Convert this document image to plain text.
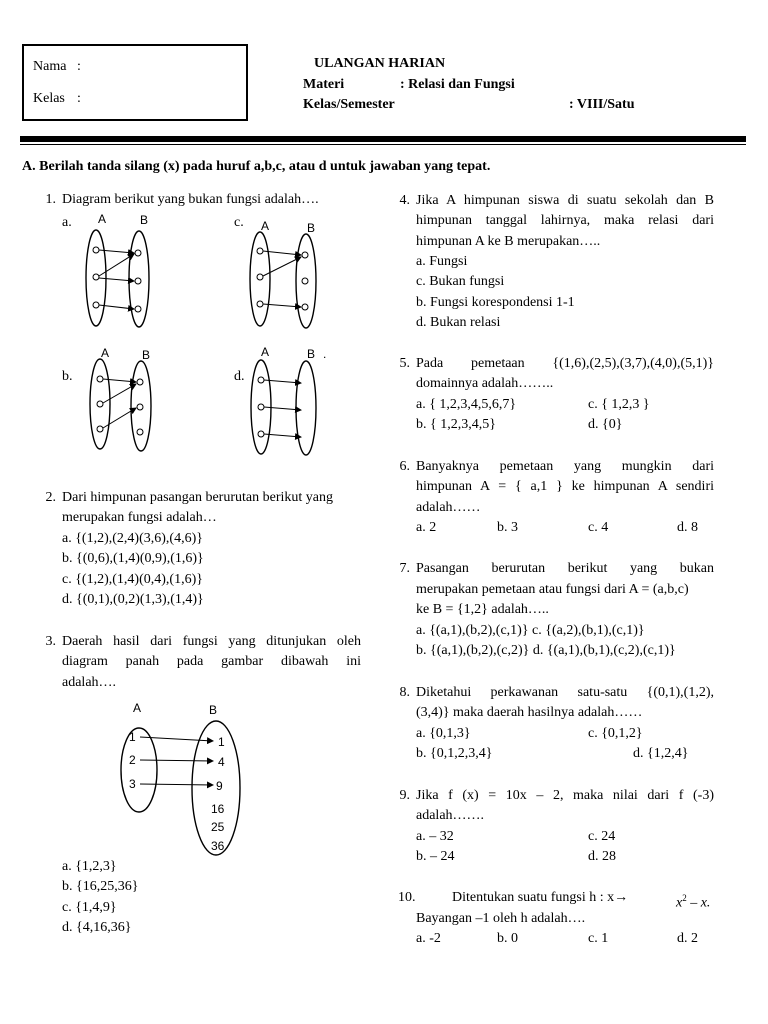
Nama :
Kelas :
ULANGAN HARIAN
Materi	: Relasi dan Fungsi
Kelas/Semester	: VIII/Satu
A. Berilah tanda silang (x) pada huruf a,b,c, atau d untuk jawaban yang tepat.
1. Diagram berikut yang bukan fungsi adalah….
a.	c.
b.	d.
A	B	A	B
A	B	A	B .
A	B
1
2
3
1
4
9
16
25
36
2. Dari himpunan pasangan berurutan berikut yang
merupakan fungsi adalah…
a. {(1,2),(2,4)(3,6),(4,6)}
b. {(0,6),(1,4)(0,9),(1,6)}
c. {(1,2),(1,4)(0,4),(1,6)}
d. {(0,1),(0,2)(1,3),(1,4)}
3. Daerah hasil dari fungsi yang ditunjukan oleh
diagram panah pada gambar dibawah ini
adalah….
a. {1,2,3}
b. {16,25,36}
c. {1,4,9}
d. {4,16,36}
4. Jika A himpunan siswa di suatu sekolah dan B
himpunan tanggal lahirnya, maka relasi dari
himpunan A ke B merupakan…..
a. Fungsi
c. Bukan fungsi
b. Fungsi korespondensi 1-1
d. Bukan relasi
5. Pada pemetaan {(1,6),(2,5),(3,7),(4,0),(5,1)}
domainnya adalah……..
a. { 1,2,3,4,5,6,7}	c. { 1,2,3 }
b. { 1,2,3,4,5}	d. {0}
6. Banyaknya pemetaan yang mungkin dari
himpunan A = { a,1 } ke himpunan A sendiri
adalah……
a. 2	b. 3	c. 4	d. 8
7. Pasangan berurutan berikut yang bukan
merupakan pemetaan atau fungsi dari A = (a,b,c)
ke B = {1,2} adalah…..
a. {(a,1),(b,2),(c,1)} c. {(a,2),(b,1),(c,1)}
b. {(a,1),(b,2),(c,2)} d. {(a,1),(b,1),(c,2),(c,1)}
8. Diketahui perkawanan satu-satu {(0,1),(1,2),
(3,4)} maka daerah hasilnya adalah……
a. {0,1,3}	c. {0,1,2}
b. {0,1,2,3,4}	d. {1,2,4}
9. Jika f (x) = 10x – 2, maka nilai dari f (-3)
adalah…….
a. – 32	c. 24
b. – 24	d. 28
10.	Ditentukan suatu fungsi h : x→	$x^2$ – x.
Bayangan –1 oleh h adalah….
a. -2	b. 0	c. 1	d. 2
